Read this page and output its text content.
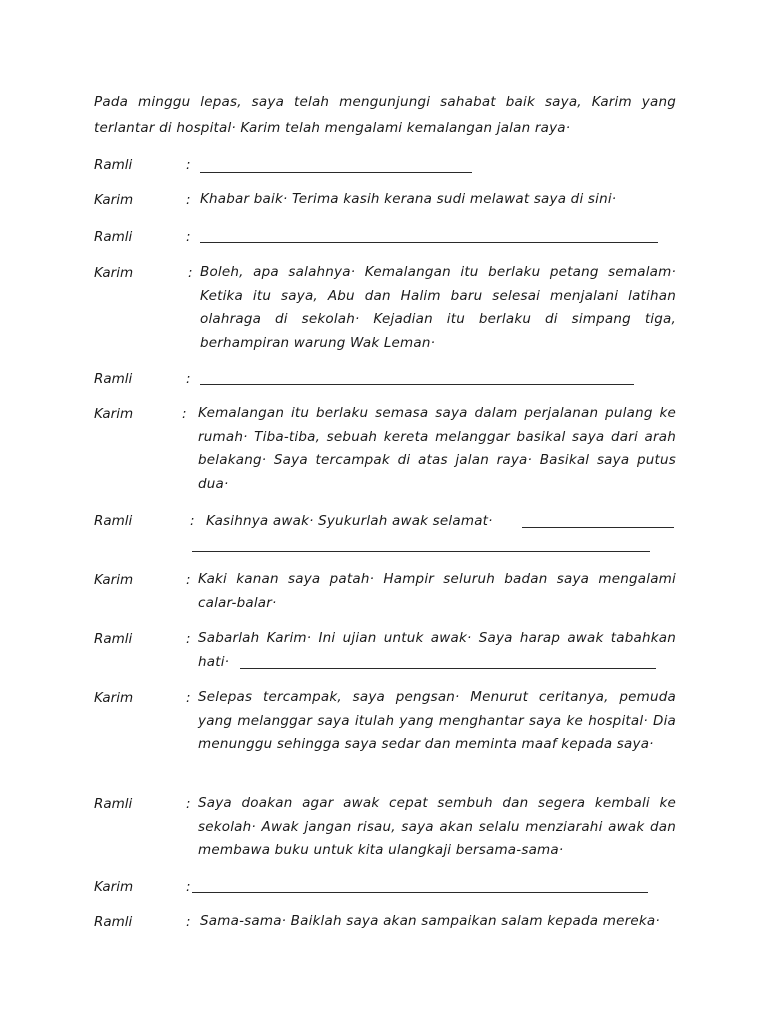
Pada minggu lepas, saya telah mengunjungi sahabat baik saya, Karim yang terlantar di hospital· Karim telah mengalami kemalangan jalan raya·
Ramli	:
Karim	: Khabar baik· Terima kasih kerana sudi melawat saya di sini·
Ramli	:
Karim	: Boleh, apa salahnya· Kemalangan itu berlaku petang semalam· Ketika itu saya, Abu dan Halim baru selesai menjalani latihan olahraga di sekolah· Kejadian itu berlaku di simpang tiga, berhampiran warung Wak Leman·
Ramli	:
Karim	: Kemalangan itu berlaku semasa saya dalam perjalanan pulang ke rumah· Tiba-tiba, sebuah kereta melanggar basikal saya dari arah belakang· Saya tercampak di atas jalan raya· Basikal saya putus dua·
Ramli	: Kasihnya awak· Syukurlah awak selamat·
Karim	: Kaki kanan saya patah· Hampir seluruh badan saya mengalami calar-balar·
Ramli	: Sabarlah Karim· Ini ujian untuk awak· Saya harap awak tabahkan hati·
Karim	: Selepas tercampak, saya pengsan· Menurut ceritanya, pemuda yang melanggar saya itulah yang menghantar saya ke hospital· Dia menunggu sehingga saya sedar dan meminta maaf kepada saya·
Ramli	: Saya doakan agar awak cepat sembuh dan segera kembali ke sekolah· Awak jangan risau, saya akan selalu menziarahi awak dan membawa buku untuk kita ulangkaji bersama-sama·
Karim	:
Ramli	: Sama-sama· Baiklah saya akan sampaikan salam kepada mereka·
